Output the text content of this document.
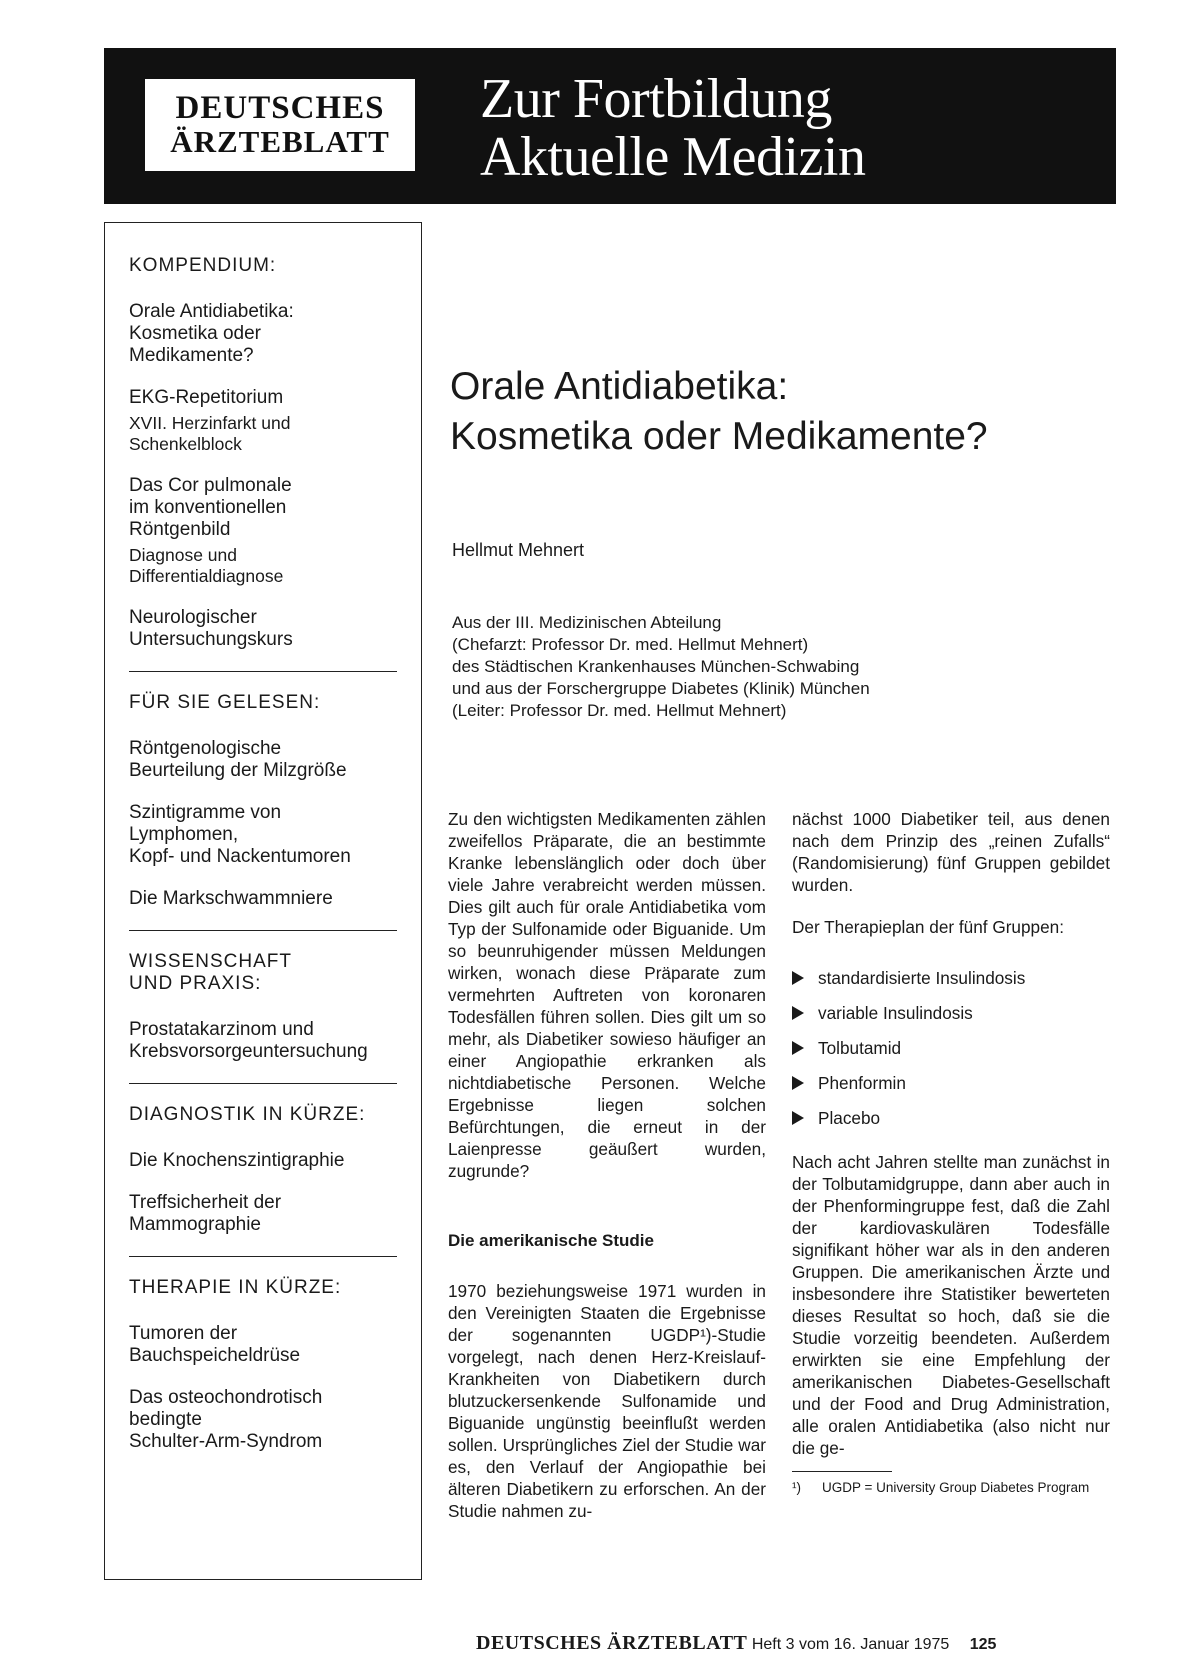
DEUTSCHES
ÄRZTEBLATT
Zur Fortbildung
Aktuelle Medizin
KOMPENDIUM:
Orale Antidiabetika:
Kosmetika oder
Medikamente?
EKG-Repetitorium
XVII. Herzinfarkt und
Schenkelblock
Das Cor pulmonale
im konventionellen
Röntgenbild
Diagnose und
Differentialdiagnose
Neurologischer
Untersuchungskurs
FÜR SIE GELESEN:
Röntgenologische
Beurteilung der Milzgröße
Szintigramme von
Lymphomen,
Kopf- und Nackentumoren
Die Markschwammniere
WISSENSCHAFT
UND PRAXIS:
Prostatakarzinom und
Krebsvorsorgeuntersuchung
DIAGNOSTIK IN KÜRZE:
Die Knochenszintigraphie
Treffsicherheit der
Mammographie
THERAPIE IN KÜRZE:
Tumoren der
Bauchspeicheldrüse
Das osteochondrotisch
bedingte
Schulter-Arm-Syndrom
Orale Antidiabetika:
Kosmetika oder Medikamente?
Hellmut Mehnert
Aus der III. Medizinischen Abteilung
(Chefarzt: Professor Dr. med. Hellmut Mehnert)
des Städtischen Krankenhauses München-Schwabing
und aus der Forschergruppe Diabetes (Klinik) München
(Leiter: Professor Dr. med. Hellmut Mehnert)

Zu den wichtigsten Medikamenten zählen zweifellos Präparate, die an bestimmte Kranke lebenslänglich oder doch über viele Jahre verabreicht werden müssen. Dies gilt auch für orale Antidiabetika vom Typ der Sulfonamide oder Biguanide. Um so beunruhigender müssen Meldungen wirken, wonach diese Präparate zum vermehrten Auftreten von koronaren Todesfällen führen sollen. Dies gilt um so mehr, als Diabetiker sowieso häufiger an einer Angiopathie erkranken als nichtdiabetische Personen. Welche Ergebnisse liegen solchen Befürchtungen, die erneut in der Laienpresse geäußert wurden, zugrunde?

Die amerikanische Studie

1970 beziehungsweise 1971 wurden in den Vereinigten Staaten die Ergebnisse der sogenannten UGDP¹)-Studie vorgelegt, nach denen Herz-Kreislauf-Krankheiten von Diabetikern durch blutzuckersenkende Sulfonamide und Biguanide ungünstig beeinflußt werden sollen. Ursprüngliches Ziel der Studie war es, den Verlauf der Angiopathie bei älteren Diabetikern zu erforschen. An der Studie nahmen zu-

nächst 1000 Diabetiker teil, aus denen nach dem Prinzip des „reinen Zufalls“ (Randomisierung) fünf Gruppen gebildet wurden.

Der Therapieplan der fünf Gruppen:

standardisierte Insulindosis
variable Insulindosis
Tolbutamid
Phenformin
Placebo

Nach acht Jahren stellte man zunächst in der Tolbutamidgruppe, dann aber auch in der Phenformingruppe fest, daß die Zahl der kardiovaskulären Todesfälle signifikant höher war als in den anderen Gruppen. Die amerikanischen Ärzte und insbesondere ihre Statistiker bewerteten dieses Resultat so hoch, daß sie die Studie vorzeitig beendeten. Außerdem erwirkten sie eine Empfehlung der amerikanischen Diabetes-Gesellschaft und der Food and Drug Administration, alle oralen Antidiabetika (also nicht nur die ge-

¹)	UGDP = University Group Diabetes Program
DEUTSCHES ÄRZTEBLATT Heft 3 vom 16. Januar 1975 125
